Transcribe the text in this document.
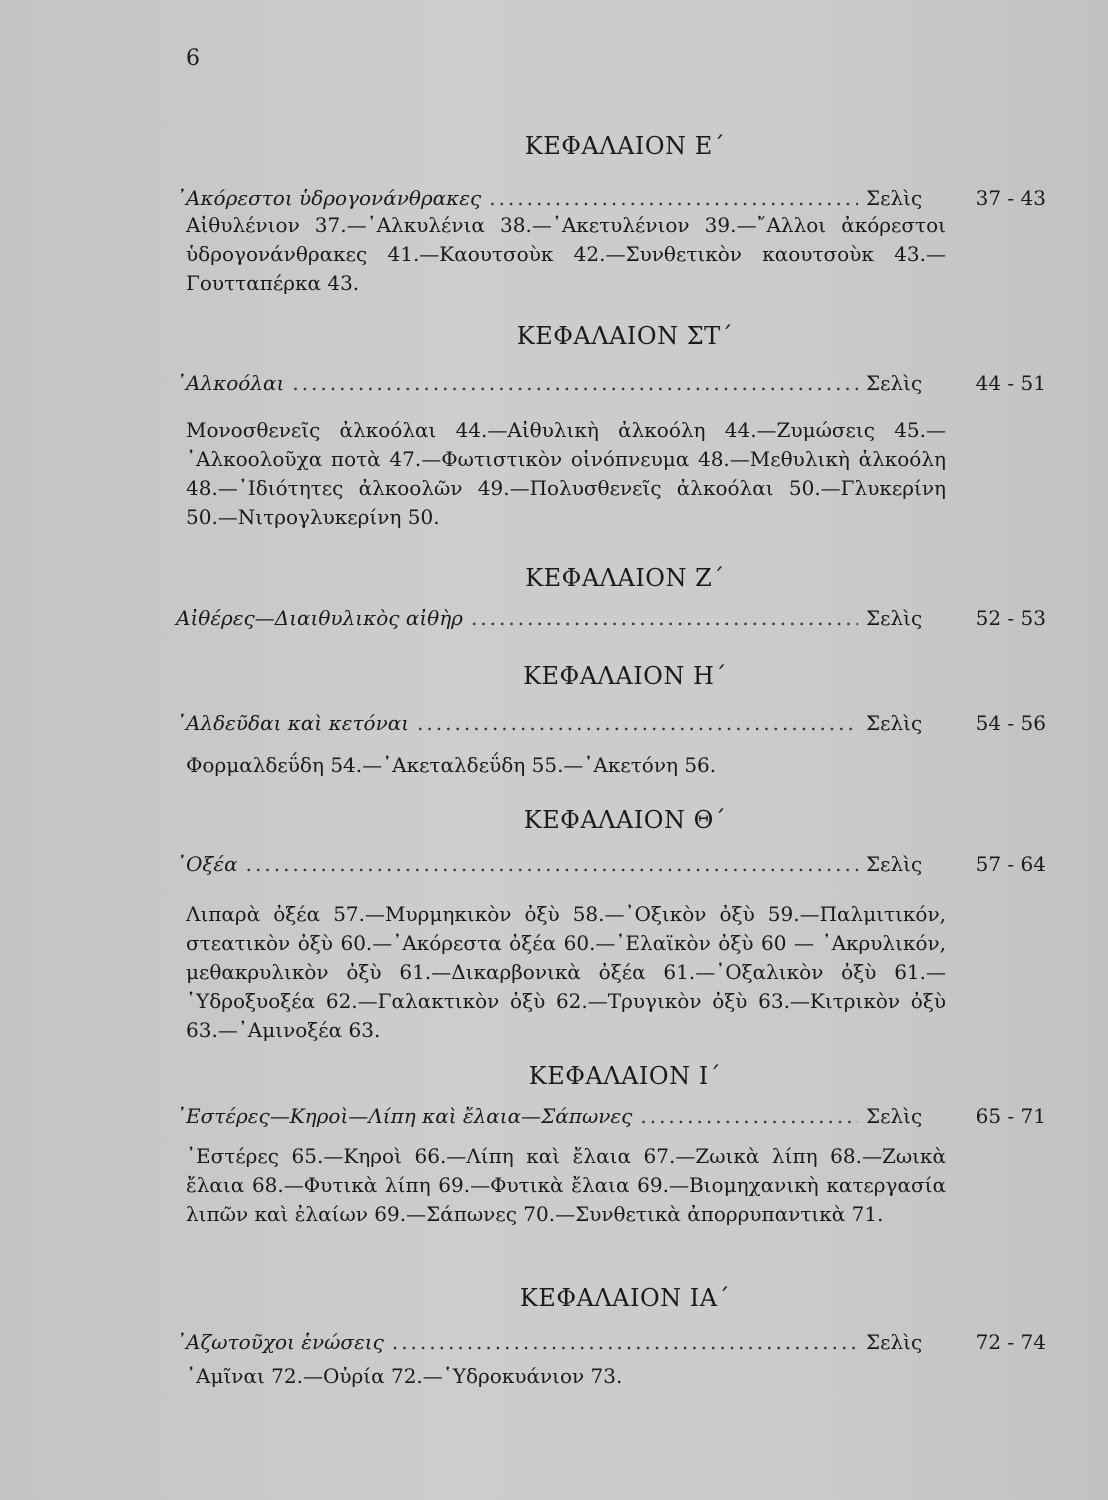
6
ΚΕΦΑΛΑΙΟΝ Ε΄
᾿Ακόρεστοι ὑδρογονάνθρακες .....	Σελὶς	37 - 43
Αἰθυλένιον 37.—᾿Αλκυλένια 38.—᾿Ακετυλένιον 39.—῎Αλλοι ἀκόρεστοι ὑδρογονάνθρακες 41.—Καουτσοὺκ 42.—Συνθετικὸν καουτσοὺκ 43.—Γουτταπέρκα 43.
ΚΕΦΑΛΑΙΟΝ ΣΤ΄
᾿Αλκοόλαι .....	Σελὶς	44 - 51
Μονοσθενεῖς ἀλκοόλαι 44.—Αἰθυλικὴ ἀλκοόλη 44.—Ζυμώσεις 45.—᾿Αλκοολοῦχα ποτὰ 47.—Φωτιστικὸν οἰνόπνευμα 48.—Μεθυλικὴ ἀλκοόλη 48.—᾿Ιδιότητες ἀλκοολῶν 49.—Πολυσθενεῖς ἀλκοόλαι 50.—Γλυκερίνη 50.—Νιτρογλυκερίνη 50.
ΚΕΦΑΛΑΙΟΝ Ζ΄
Αἰθέρες—Διαιθυλικὸς αἰθὴρ .....	Σελὶς	52 - 53
ΚΕΦΑΛΑΙΟΝ Η΄
᾿Αλδεῦδαι καὶ κετόναι .....	Σελὶς	54 - 56
Φορμαλδεΰδη 54.—᾿Ακεταλδεΰδη 55.—᾿Ακετόνη 56.
ΚΕΦΑΛΑΙΟΝ Θ΄
᾿Οξέα .....	Σελὶς	57 - 64
Λιπαρὰ ὀξέα 57.—Μυρμηκικὸν ὀξὺ 58.—᾿Οξικὸν ὀξὺ 59.—Παλμιτικόν, στεατικὸν ὀξὺ 60.—᾿Ακόρεστα ὀξέα 60.—᾿Ελαϊκὸν ὀξὺ 60 — ᾿Ακρυλικόν, μεθακρυλικὸν ὀξὺ 61.—Δικαρβονικὰ ὀξέα 61.—᾿Οξαλικὸν ὀξὺ 61.—῾Υδροξυοξέα 62.—Γαλακτικὸν ὀξὺ 62.—Τρυγικὸν ὀξὺ 63.—Κιτρικὸν ὀξὺ 63.—᾿Αμινοξέα 63.
ΚΕΦΑΛΑΙΟΝ Ι΄
᾿Εστέρες—Κηροὶ—Λίπη καὶ ἔλαια—Σάπωνες .....	Σελὶς	65 - 71
᾿Εστέρες 65.—Κηροὶ 66.—Λίπη καὶ ἔλαια 67.—Ζωικὰ λίπη 68.—Ζωικὰ ἔλαια 68.—Φυτικὰ λίπη 69.—Φυτικὰ ἔλαια 69.—Βιομηχανικὴ κατεργασία λιπῶν καὶ ἐλαίων 69.—Σάπωνες 70.—Συνθετικὰ ἀπορρυπαντικὰ 71.
ΚΕΦΑΛΑΙΟΝ ΙΑ΄
᾿Αζωτοῦχοι ἑνώσεις .....	Σελὶς	72 - 74
᾿Αμῖναι 72.—Οὐρία 72.—῾Υδροκυάνιον 73.
